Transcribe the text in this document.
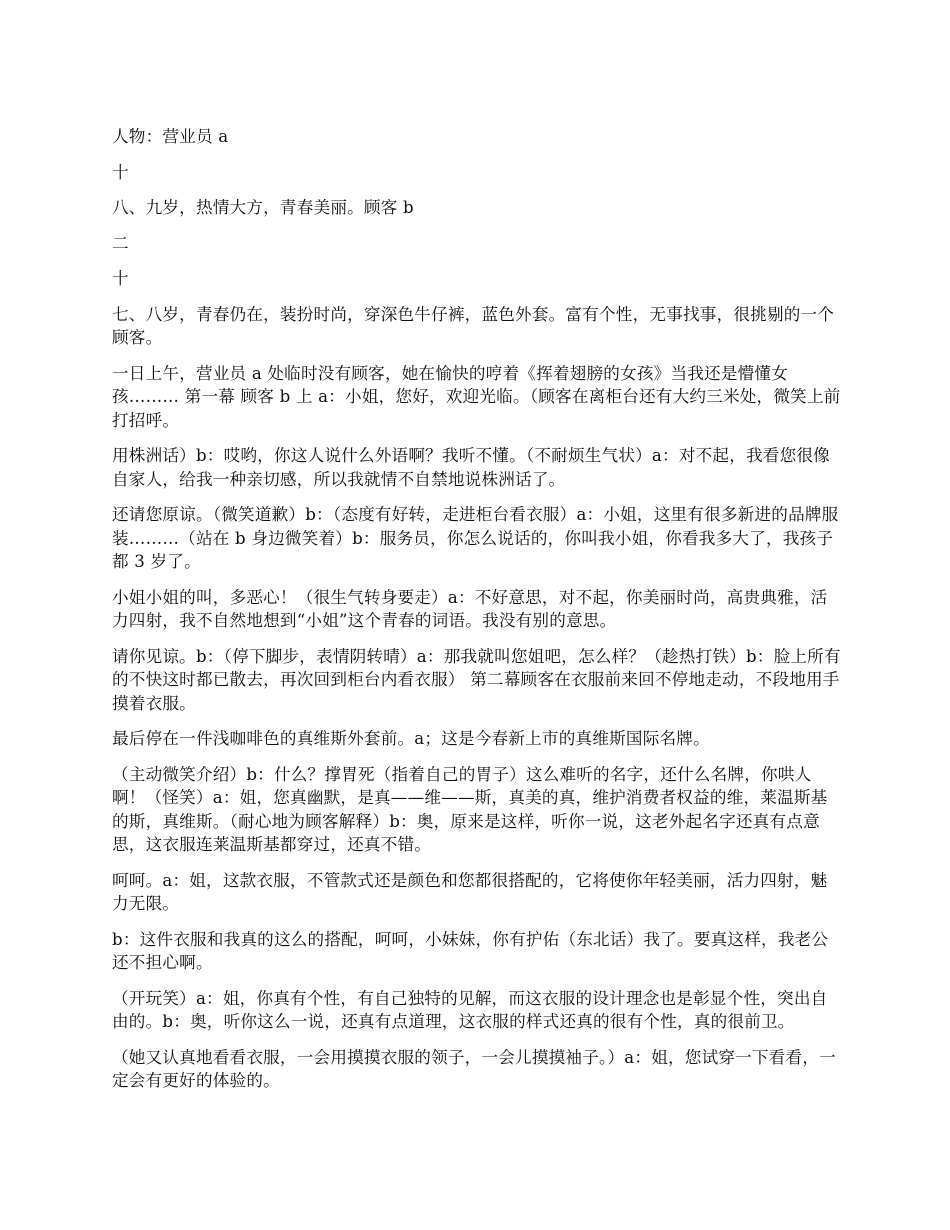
人物：营业员 a

十

八、九岁，热情大方，青春美丽。顾客 b

二

十

七、八岁，青春仍在，装扮时尚，穿深色牛仔裤，蓝色外套。富有个性，无事找事，很挑剔的一个顾客。

一日上午，营业员 a 处临时没有顾客，她在愉快的哼着《挥着翅膀的女孩》当我还是懵懂女孩……… 第一幕 顾客 b 上 a：小姐，您好，欢迎光临。（顾客在离柜台还有大约三米处，微笑上前打招呼。

用株洲话）b：哎哟，你这人说什么外语啊？我听不懂。（不耐烦生气状）a：对不起，我看您很像自家人，给我一种亲切感，所以我就情不自禁地说株洲话了。

还请您原谅。（微笑道歉）b：（态度有好转，走进柜台看衣服）a：小姐，这里有很多新进的品牌服装………（站在 b 身边微笑着）b：服务员，你怎么说话的，你叫我小姐，你看我多大了，我孩子都 3 岁了。

小姐小姐的叫，多恶心！（很生气转身要走）a：不好意思，对不起，你美丽时尚，高贵典雅，活力四射，我不自然地想到“小姐”这个青春的词语。我没有别的意思。

请你见谅。b：（停下脚步，表情阴转晴）a：那我就叫您姐吧，怎么样？（趁热打铁）b：脸上所有的不快这时都已散去，再次回到柜台内看衣服） 第二幕顾客在衣服前来回不停地走动，不段地用手摸着衣服。

最后停在一件浅咖啡色的真维斯外套前。a；这是今春新上市的真维斯国际名牌。

（主动微笑介绍）b：什么？撑胃死（指着自己的胃子）这么难听的名字，还什么名牌，你哄人啊！（怪笑）a：姐，您真幽默，是真——维——斯，真美的真，维护消费者权益的维，莱温斯基的斯，真维斯。（耐心地为顾客解释）b：奥，原来是这样，听你一说，这老外起名字还真有点意思，这衣服连莱温斯基都穿过，还真不错。

呵呵。a：姐，这款衣服，不管款式还是颜色和您都很搭配的，它将使你年轻美丽，活力四射，魅力无限。

b：这件衣服和我真的这么的搭配，呵呵，小妹妹，你有护佑（东北话）我了。要真这样，我老公还不担心啊。

（开玩笑）a：姐，你真有个性，有自己独特的见解，而这衣服的设计理念也是彰显个性，突出自由的。b：奥，听你这么一说，还真有点道理，这衣服的样式还真的很有个性，真的很前卫。

（她又认真地看看衣服，一会用摸摸衣服的领子，一会儿摸摸袖子。）a：姐，您试穿一下看看，一定会有更好的体验的。
